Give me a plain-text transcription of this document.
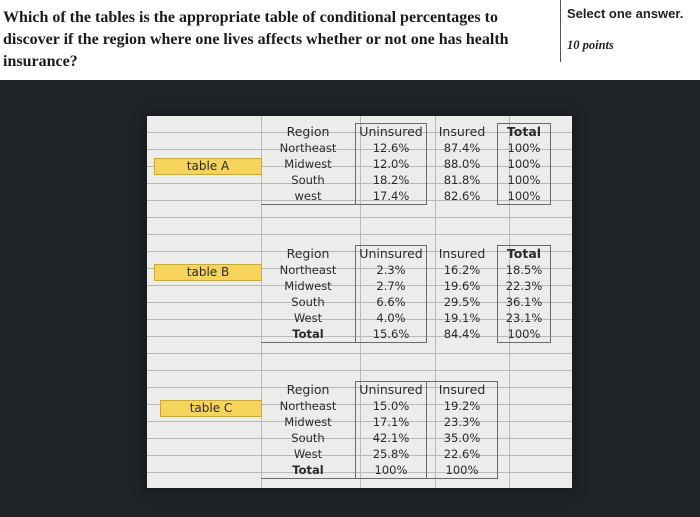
Which of the tables is the appropriate table of conditional percentages to
discover if the region where one lives affects whether or not one has health
insurance?
Select one answer.
10 points
table A
Region	Uninsured	Insured	Total
Northeast	12.6%	87.4%	100%
Midwest	12.0%	88.0%	100%
South	18.2%	81.8%	100%
west	17.4%	82.6%	100%
table B
Region	Uninsured	Insured	Total
Northeast	2.3%	16.2%	18.5%
Midwest	2.7%	19.6%	22.3%
South	6.6%	29.5%	36.1%
West	4.0%	19.1%	23.1%
Total	15.6%	84.4%	100%
table C
Region	Uninsured	Insured
Northeast	15.0%	19.2%
Midwest	17.1%	23.3%
South	42.1%	35.0%
West	25.8%	22.6%
Total	100%	100%
